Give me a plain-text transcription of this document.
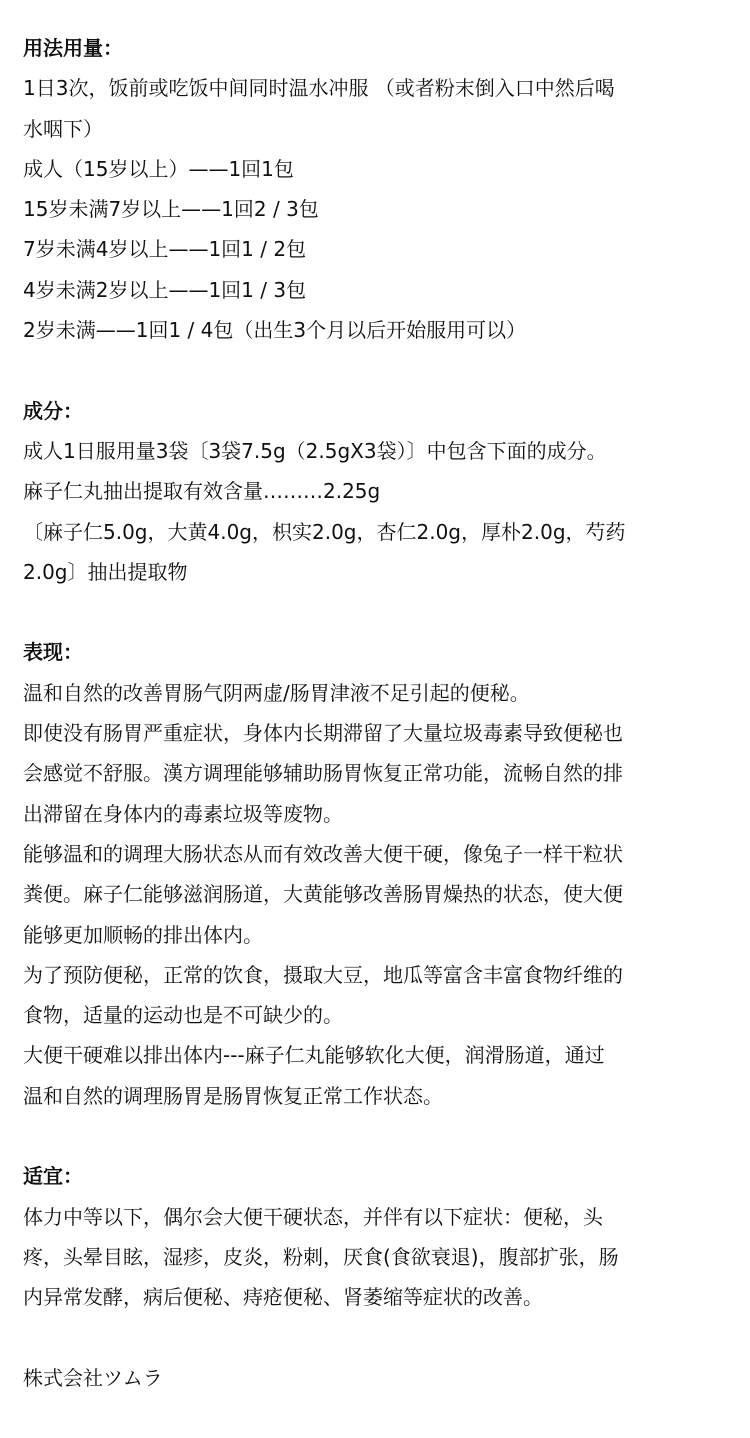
用法用量：

1日3次，饭前或吃饭中间同时温水冲服 （或者粉末倒入口中然后喝

水咽下）

成人（15岁以上）——1回1包

15岁未满7岁以上——1回2 / 3包

7岁未满4岁以上——1回1 / 2包

4岁未满2岁以上——1回1 / 3包

2岁未满——1回1 / 4包（出生3个月以后开始服用可以）

成分：

成人1日服用量3袋〔3袋7.5g（2.5gX3袋）〕中包含下面的成分。

麻子仁丸抽出提取有效含量………2.25g

〔麻子仁5.0g，大黄4.0g，枳实2.0g，杏仁2.0g，厚朴2.0g，芍药

2.0g〕抽出提取物

表现：

温和自然的改善胃肠气阴两虚/肠胃津液不足引起的便秘。

即使没有肠胃严重症状，身体内长期滞留了大量垃圾毒素导致便秘也

会感觉不舒服。漢方调理能够辅助肠胃恢复正常功能，流畅自然的排

出滞留在身体内的毒素垃圾等废物。

能够温和的调理大肠状态从而有效改善大便干硬，像兔子一样干粒状

粪便。麻子仁能够滋润肠道，大黄能够改善肠胃燥热的状态，使大便

能够更加顺畅的排出体内。

为了预防便秘，正常的饮食，摄取大豆，地瓜等富含丰富食物纤维的

食物，适量的运动也是不可缺少的。

大便干硬难以排出体内---麻子仁丸能够软化大便，润滑肠道，通过

温和自然的调理肠胃是肠胃恢复正常工作状态。

适宜：

体力中等以下，偶尔会大便干硬状态，并伴有以下症状：便秘，头

疼，头晕目眩，湿疹，皮炎，粉刺，厌食(食欲衰退)，腹部扩张，肠

内异常发酵，病后便秘、痔疮便秘、肾萎缩等症状的改善。

株式会社ツムラ
